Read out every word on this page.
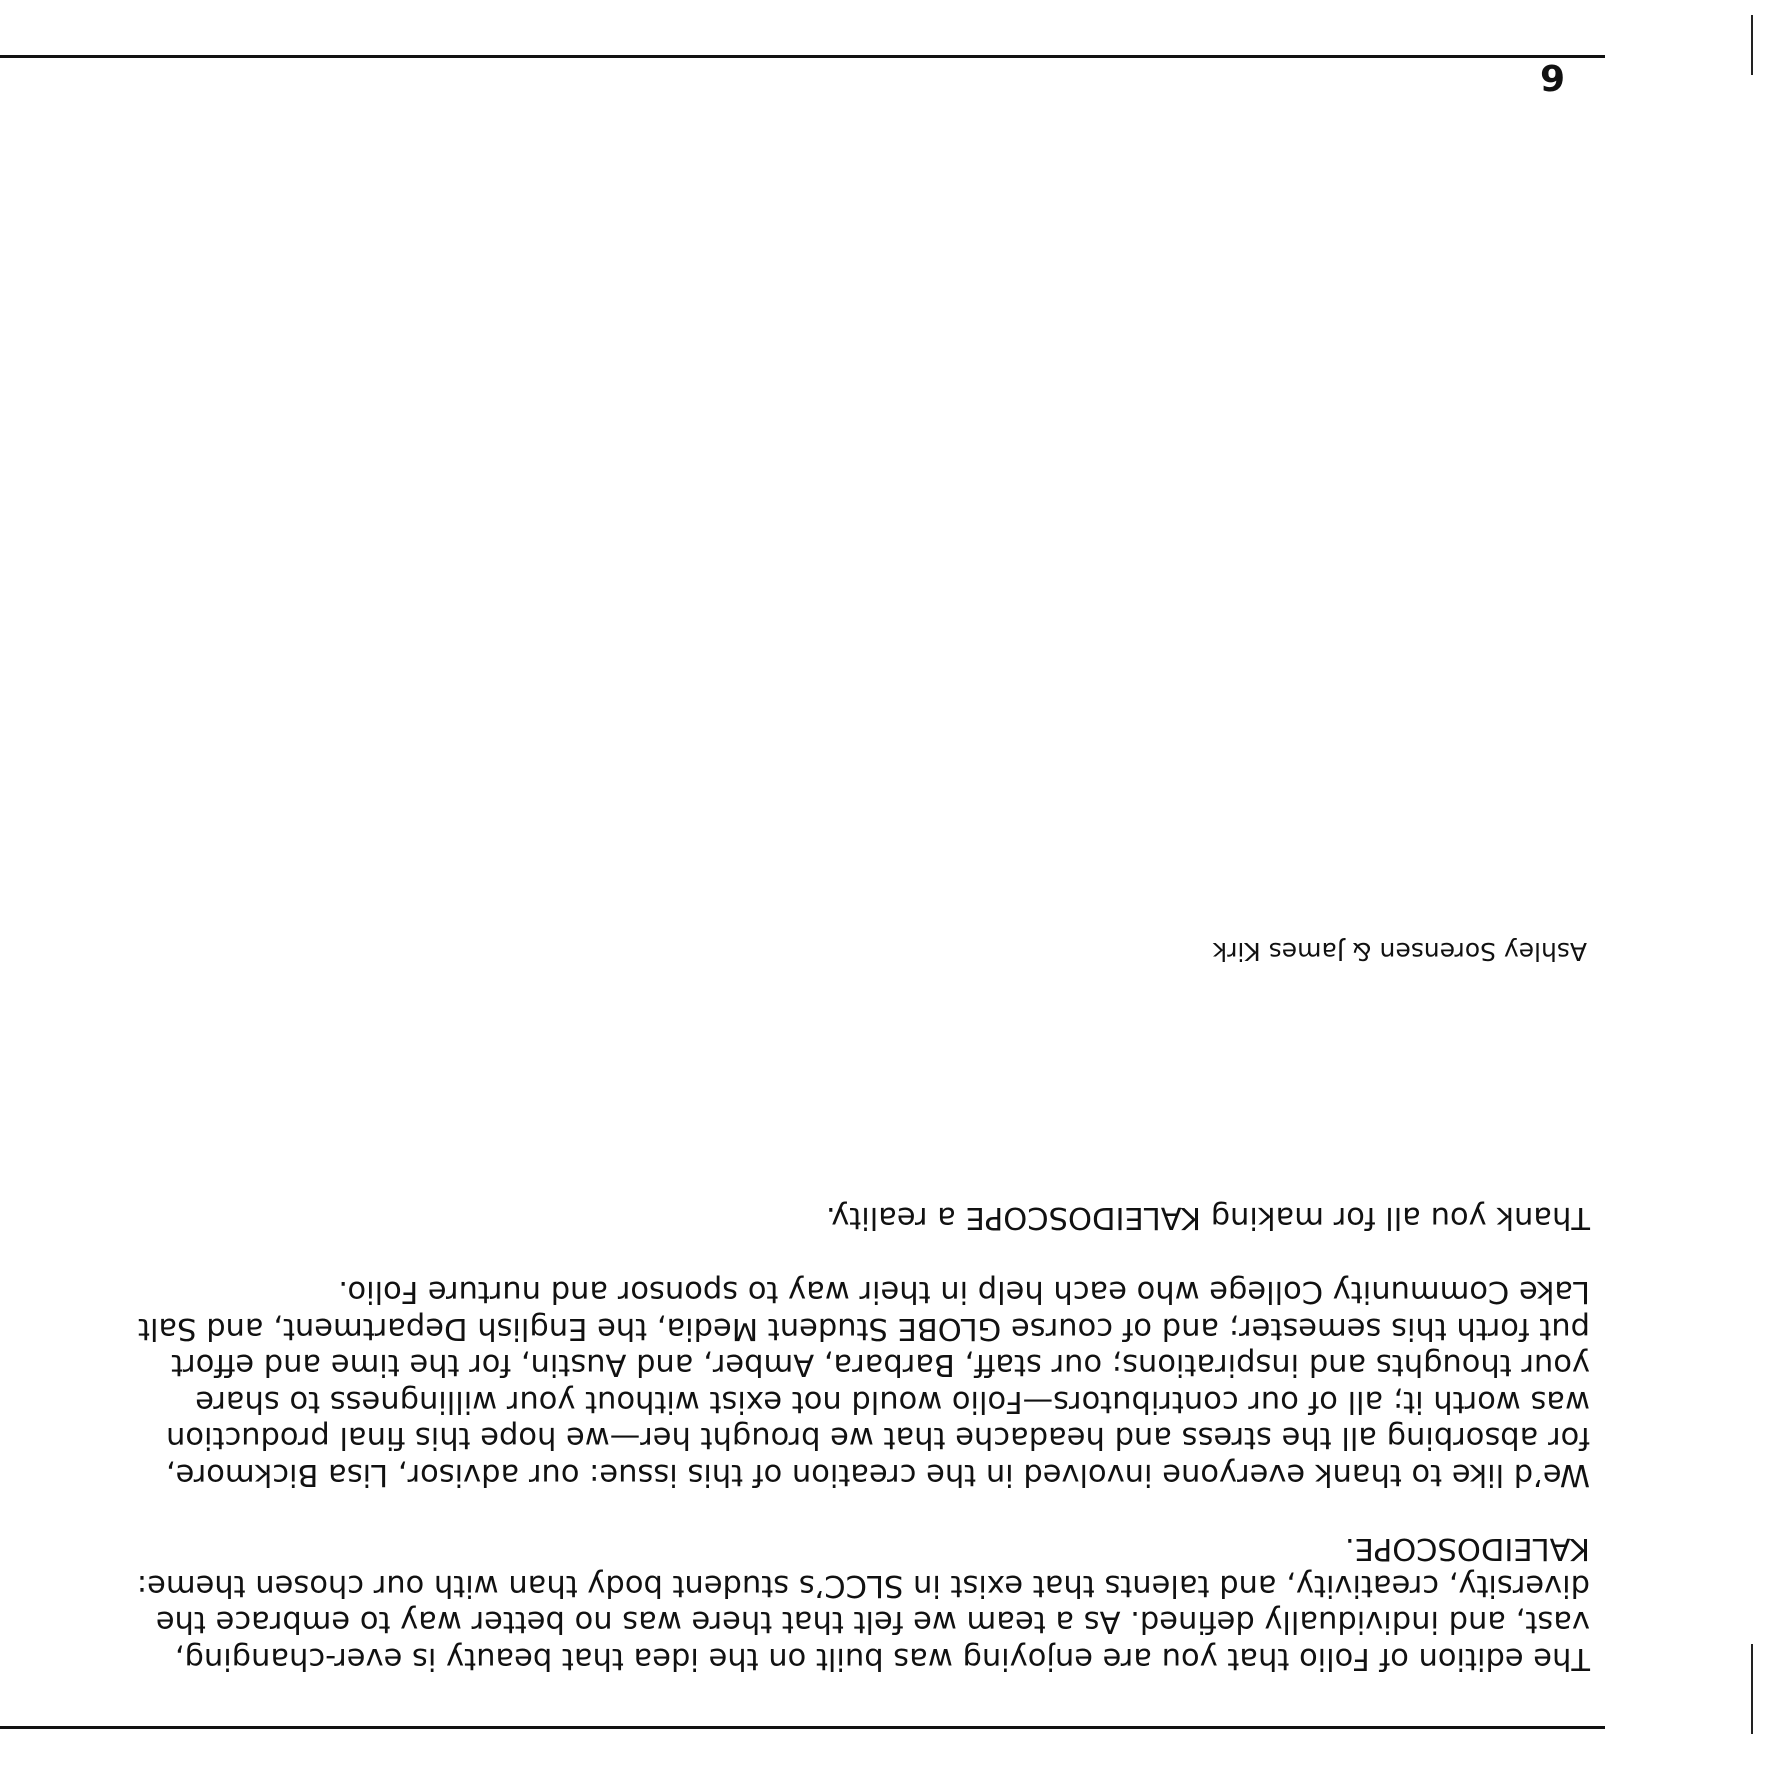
The edition of Folio that you are enjoying was built on the idea that beauty is ever-changing, vast, and individually defined. As a team we felt that there was no better way to embrace the diversity, creativity, and talents that exist in SLCC’s student body than with our chosen theme: KALEIDOSCOPE.

We’d like to thank everyone involved in the creation of this issue: our advisor, Lisa Bickmore, for absorbing all the stress and headache that we brought her—we hope this final production was worth it; all of our contributors—Folio would not exist without your willingness to share your thoughts and inspirations; our staff, Barbara, Amber, and Austin, for the time and effort put forth this semester; and of course GLOBE Student Media, the English Department, and Salt Lake Community College who each help in their way to sponsor and nurture Folio.

Thank you all for making KALEIDOSCOPE a reality.

Ashley Sorensen & James Kirk
6
